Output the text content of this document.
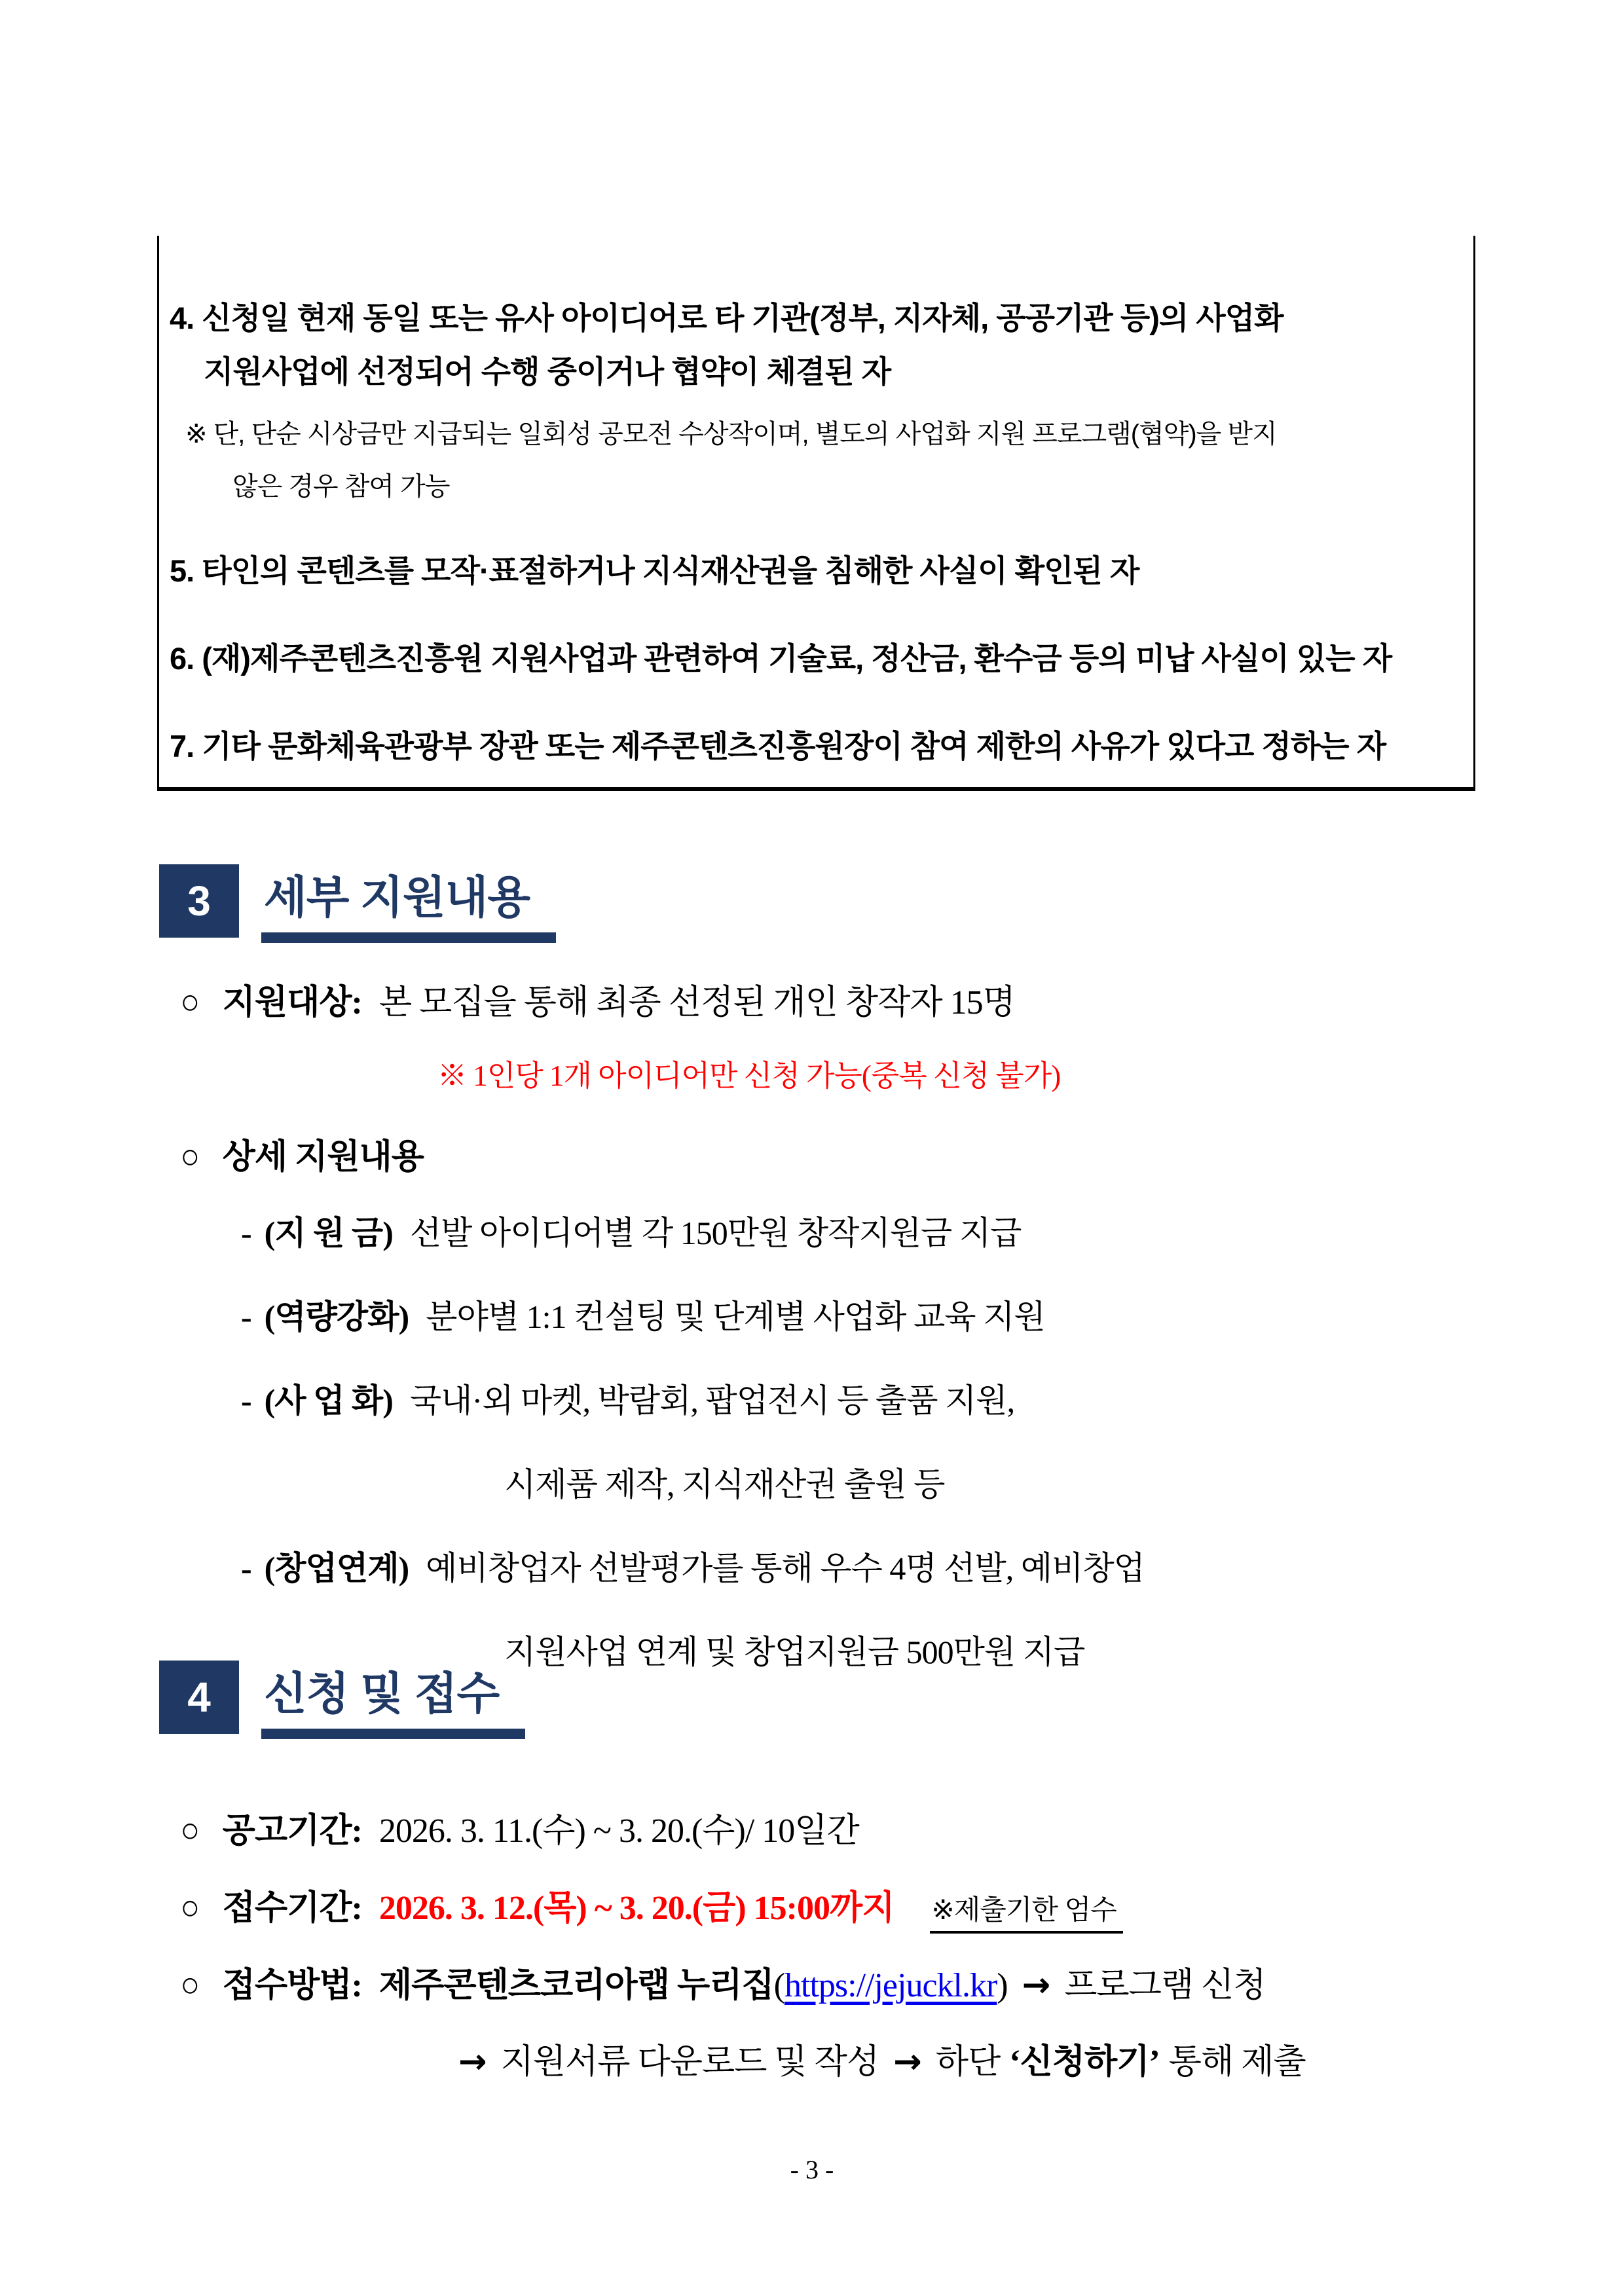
4. 신청일 현재 동일 또는 유사 아이디어로 타 기관(정부, 지자체, 공공기관 등)의 사업화

지원사업에 선정되어 수행 중이거나 협약이 체결된 자

※ 단, 단순 시상금만 지급되는 일회성 공모전 수상작이며, 별도의 사업화 지원 프로그램(협약)을 받지

않은 경우 참여 가능

5. 타인의 콘텐츠를 모작·표절하거나 지식재산권을 침해한 사실이 확인된 자

6. (재)제주콘텐츠진흥원 지원사업과 관련하여 기술료, 정산금, 환수금 등의 미납 사실이 있는 자

7. 기타 문화체육관광부 장관 또는 제주콘텐츠진흥원장이 참여 제한의 사유가 있다고 정하는 자

3 세부 지원내용

○ 지원대상: 본 모집을 통해 최종 선정된 개인 창작자 15명

※ 1인당 1개 아이디어만 신청 가능(중복 신청 불가)

○ 상세 지원내용

- (지 원 금) 선발 아이디어별 각 150만원 창작지원금 지급

- (역량강화) 분야별 1:1 컨설팅 및 단계별 사업화 교육 지원

- (사 업 화) 국내·외 마켓, 박람회, 팝업전시 등 출품 지원,

시제품 제작, 지식재산권 출원 등

- (창업연계) 예비창업자 선발평가를 통해 우수 4명 선발, 예비창업

지원사업 연계 및 창업지원금 500만원 지급

4 신청 및 접수

○ 공고기간: 2026. 3. 11.(수) ~ 3. 20.(수)/ 10일간

○ 접수기간: 2026. 3. 12.(목) ~ 3. 20.(금) 15:00까지 ※제출기한 엄수

○ 접수방법: 제주콘텐츠코리아랩 누리집(https://jejuckl.kr) → 프로그램 신청

→ 지원서류 다운로드 및 작성 → 하단 ‘신청하기’ 통해 제출

- 3 -
